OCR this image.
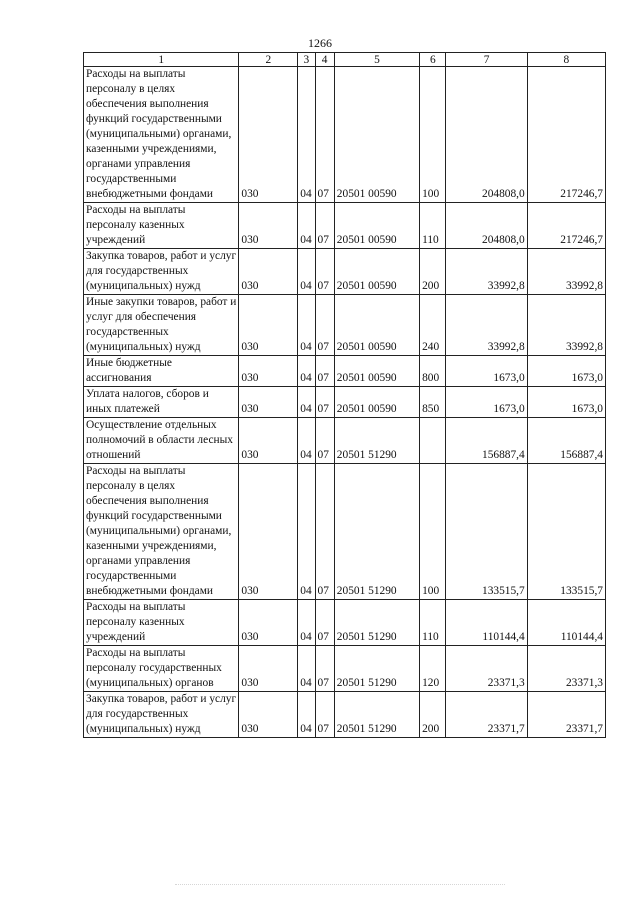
1266
1	2	3	4	5	6	7	8
Расходы на выплаты персоналу в целях обеспечения выполнения функций государственными (муниципальными) органами, казенными учреждениями, органами управления государственными внебюджетными фондами	030	04	07	20501 00590	100	204808,0	217246,7
Расходы на выплаты персоналу казенных учреждений	030	04	07	20501 00590	110	204808,0	217246,7
Закупка товаров, работ и услуг для государственных (муниципальных) нужд	030	04	07	20501 00590	200	33992,8	33992,8
Иные закупки товаров, работ и услуг для обеспечения государственных (муниципальных) нужд	030	04	07	20501 00590	240	33992,8	33992,8
Иные бюджетные ассигнования	030	04	07	20501 00590	800	1673,0	1673,0
Уплата налогов, сборов и иных платежей	030	04	07	20501 00590	850	1673,0	1673,0
Осуществление отдельных полномочий в области лесных отношений	030	04	07	20501 51290		156887,4	156887,4
Расходы на выплаты персоналу в целях обеспечения выполнения функций государственными (муниципальными) органами, казенными учреждениями, органами управления государственными внебюджетными фондами	030	04	07	20501 51290	100	133515,7	133515,7
Расходы на выплаты персоналу казенных учреждений	030	04	07	20501 51290	110	110144,4	110144,4
Расходы на выплаты персоналу государственных (муниципальных) органов	030	04	07	20501 51290	120	23371,3	23371,3
Закупка товаров, работ и услуг для государственных (муниципальных) нужд	030	04	07	20501 51290	200	23371,7	23371,7
